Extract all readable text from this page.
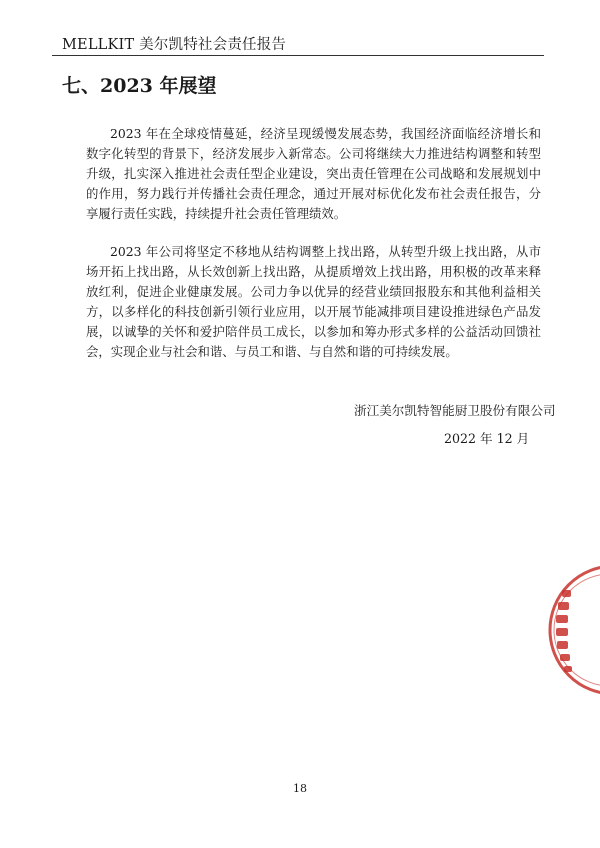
MELLKIT 美尔凯特社会责任报告
七、2023 年展望

2023 年在全球疫情蔓延，经济呈现缓慢发展态势，我国经济面临经济增长和数字化转型的背景下，经济发展步入新常态。公司将继续大力推进结构调整和转型升级，扎实深入推进社会责任型企业建设，突出责任管理在公司战略和发展规划中的作用，努力践行并传播社会责任理念，通过开展对标优化发布社会责任报告，分享履行责任实践，持续提升社会责任管理绩效。

2023 年公司将坚定不移地从结构调整上找出路，从转型升级上找出路，从市场开拓上找出路，从长效创新上找出路，从提质增效上找出路，用积极的改革来释放红利，促进企业健康发展。公司力争以优异的经营业绩回报股东和其他利益相关方，以多样化的科技创新引领行业应用，以开展节能减排项目建设推进绿色产品发展，以诚挚的关怀和爱护陪伴员工成长，以参加和筹办形式多样的公益活动回馈社会，实现企业与社会和谐、与员工和谐、与自然和谐的可持续发展。

浙江美尔凯特智能厨卫股份有限公司
2022 年 12 月
18
